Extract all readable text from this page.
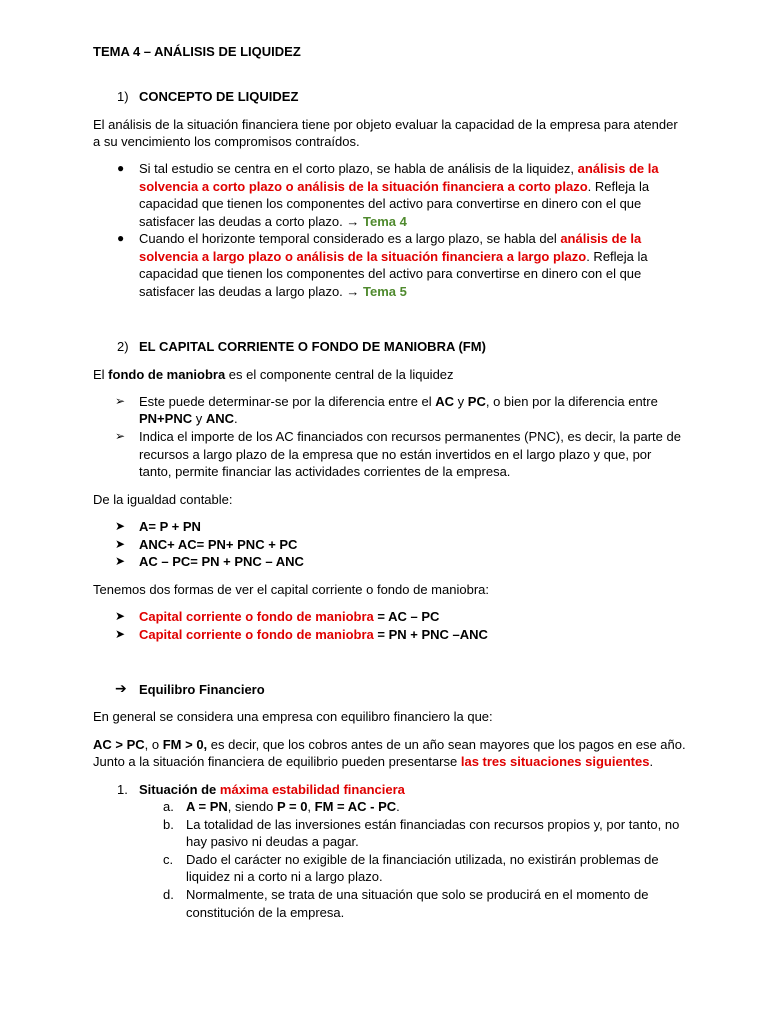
TEMA 4 – ANÁLISIS DE LIQUIDEZ
1) CONCEPTO DE LIQUIDEZ
El análisis de la situación financiera tiene por objeto evaluar la capacidad de la empresa para atender
a su vencimiento los compromisos contraídos.
● Si tal estudio se centra en el corto plazo, se habla de análisis de la liquidez, análisis de la
solvencia a corto plazo o análisis de la situación financiera a corto plazo. Refleja la
capacidad que tienen los componentes del activo para convertirse en dinero con el que
satisfacer las deudas a corto plazo. → Tema 4
● Cuando el horizonte temporal considerado es a largo plazo, se habla del análisis de la
solvencia a largo plazo o análisis de la situación financiera a largo plazo. Refleja la
capacidad que tienen los componentes del activo para convertirse en dinero con el que
satisfacer las deudas a largo plazo. → Tema 5
2) EL CAPITAL CORRIENTE O FONDO DE MANIOBRA (FM)
El fondo de maniobra es el componente central de la liquidez
➢ Este puede determinar-se por la diferencia entre el AC y PC, o bien por la diferencia entre
PN+PNC y ANC.
➢ Indica el importe de los AC financiados con recursos permanentes (PNC), es decir, la parte de
recursos a largo plazo de la empresa que no están invertidos en el largo plazo y que, por
tanto, permite financiar las actividades corrientes de la empresa.
De la igualdad contable:
➤ A= P + PN
➤ ANC+ AC= PN+ PNC + PC
➤ AC – PC= PN + PNC – ANC
Tenemos dos formas de ver el capital corriente o fondo de maniobra:
➤ Capital corriente o fondo de maniobra = AC – PC
➤ Capital corriente o fondo de maniobra = PN + PNC –ANC
➔ Equilibro Financiero
En general se considera una empresa con equilibro financiero la que:
AC > PC, o FM > 0, es decir, que los cobros antes de un año sean mayores que los pagos en ese año.
Junto a la situación financiera de equilibrio pueden presentarse las tres situaciones siguientes.
1. Situación de máxima estabilidad financiera
a. A = PN, siendo P = 0, FM = AC - PC.
b. La totalidad de las inversiones están financiadas con recursos propios y, por tanto, no
hay pasivo ni deudas a pagar.
c. Dado el carácter no exigible de la financiación utilizada, no existirán problemas de
liquidez ni a corto ni a largo plazo.
d. Normalmente, se trata de una situación que solo se producirá en el momento de
constitución de la empresa.
